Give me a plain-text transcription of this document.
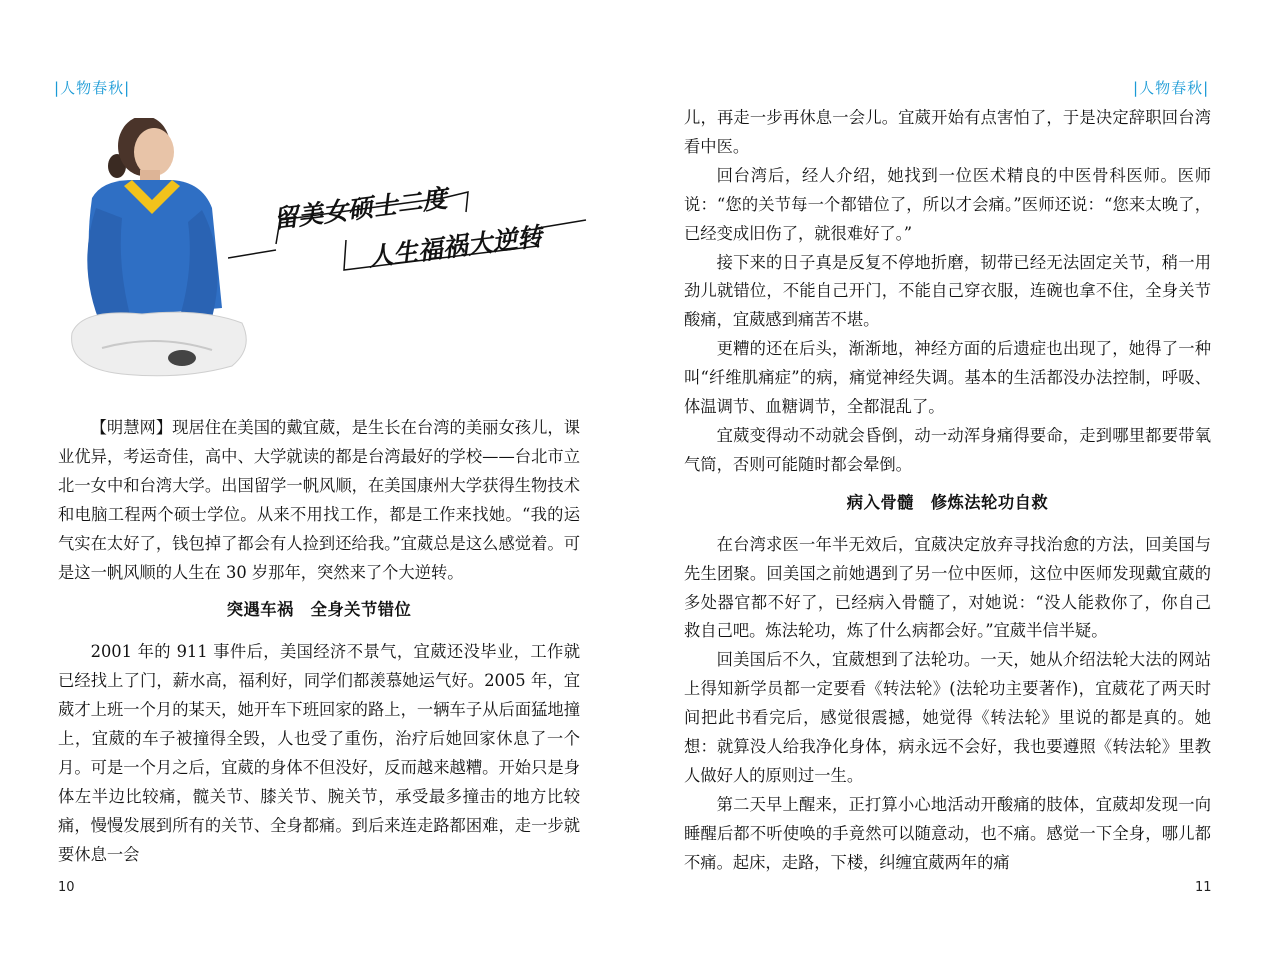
| 人物春秋 |
留美女硕士二度
人生福祸大逆转

【明慧网】现居住在美国的戴宜葳，是生长在台湾的美丽女孩儿，课业优异，考运奇佳，高中、大学就读的都是台湾最好的学校——台北市立北一女中和台湾大学。出国留学一帆风顺，在美国康州大学获得生物技术和电脑工程两个硕士学位。从来不用找工作，都是工作来找她。“我的运气实在太好了，钱包掉了都会有人捡到还给我。”宜葳总是这么感觉着。可是这一帆风顺的人生在 30 岁那年，突然来了个大逆转。

突遇车祸　全身关节错位

2001 年的 911 事件后，美国经济不景气，宜葳还没毕业，工作就已经找上了门，薪水高，福利好，同学们都羡慕她运气好。2005 年，宜葳才上班一个月的某天，她开车下班回家的路上，一辆车子从后面猛地撞上，宜葳的车子被撞得全毁，人也受了重伤，治疗后她回家休息了一个月。可是一个月之后，宜葳的身体不但没好，反而越来越糟。开始只是身体左半边比较痛，髋关节、膝关节、腕关节，承受最多撞击的地方比较痛，慢慢发展到所有的关节、全身都痛。到后来连走路都困难，走一步就要休息一会

10
| 人物春秋 |

儿，再走一步再休息一会儿。宜葳开始有点害怕了，于是决定辞职回台湾看中医。

回台湾后，经人介绍，她找到一位医术精良的中医骨科医师。医师说：“您的关节每一个都错位了，所以才会痛。”医师还说：“您来太晚了，已经变成旧伤了，就很难好了。”

接下来的日子真是反复不停地折磨，韧带已经无法固定关节，稍一用劲儿就错位，不能自己开门，不能自己穿衣服，连碗也拿不住，全身关节酸痛，宜葳感到痛苦不堪。

更糟的还在后头，渐渐地，神经方面的后遗症也出现了，她得了一种叫“纤维肌痛症”的病，痛觉神经失调。基本的生活都没办法控制，呼吸、体温调节、血糖调节，全都混乱了。

宜葳变得动不动就会昏倒，动一动浑身痛得要命，走到哪里都要带氧气筒，否则可能随时都会晕倒。

病入骨髓　修炼法轮功自救

在台湾求医一年半无效后，宜葳决定放弃寻找治愈的方法，回美国与先生团聚。回美国之前她遇到了另一位中医师，这位中医师发现戴宜葳的多处器官都不好了，已经病入骨髓了，对她说：“没人能救你了，你自己救自己吧。炼法轮功，炼了什么病都会好。”宜葳半信半疑。

回美国后不久，宜葳想到了法轮功。一天，她从介绍法轮大法的网站上得知新学员都一定要看《转法轮》(法轮功主要著作)，宜葳花了两天时间把此书看完后，感觉很震撼，她觉得《转法轮》里说的都是真的。她想：就算没人给我净化身体，病永远不会好，我也要遵照《转法轮》里教人做好人的原则过一生。

第二天早上醒来，正打算小心地活动开酸痛的肢体，宜葳却发现一向睡醒后都不听使唤的手竟然可以随意动，也不痛。感觉一下全身，哪儿都不痛。起床，走路，下楼，纠缠宜葳两年的痛

11
